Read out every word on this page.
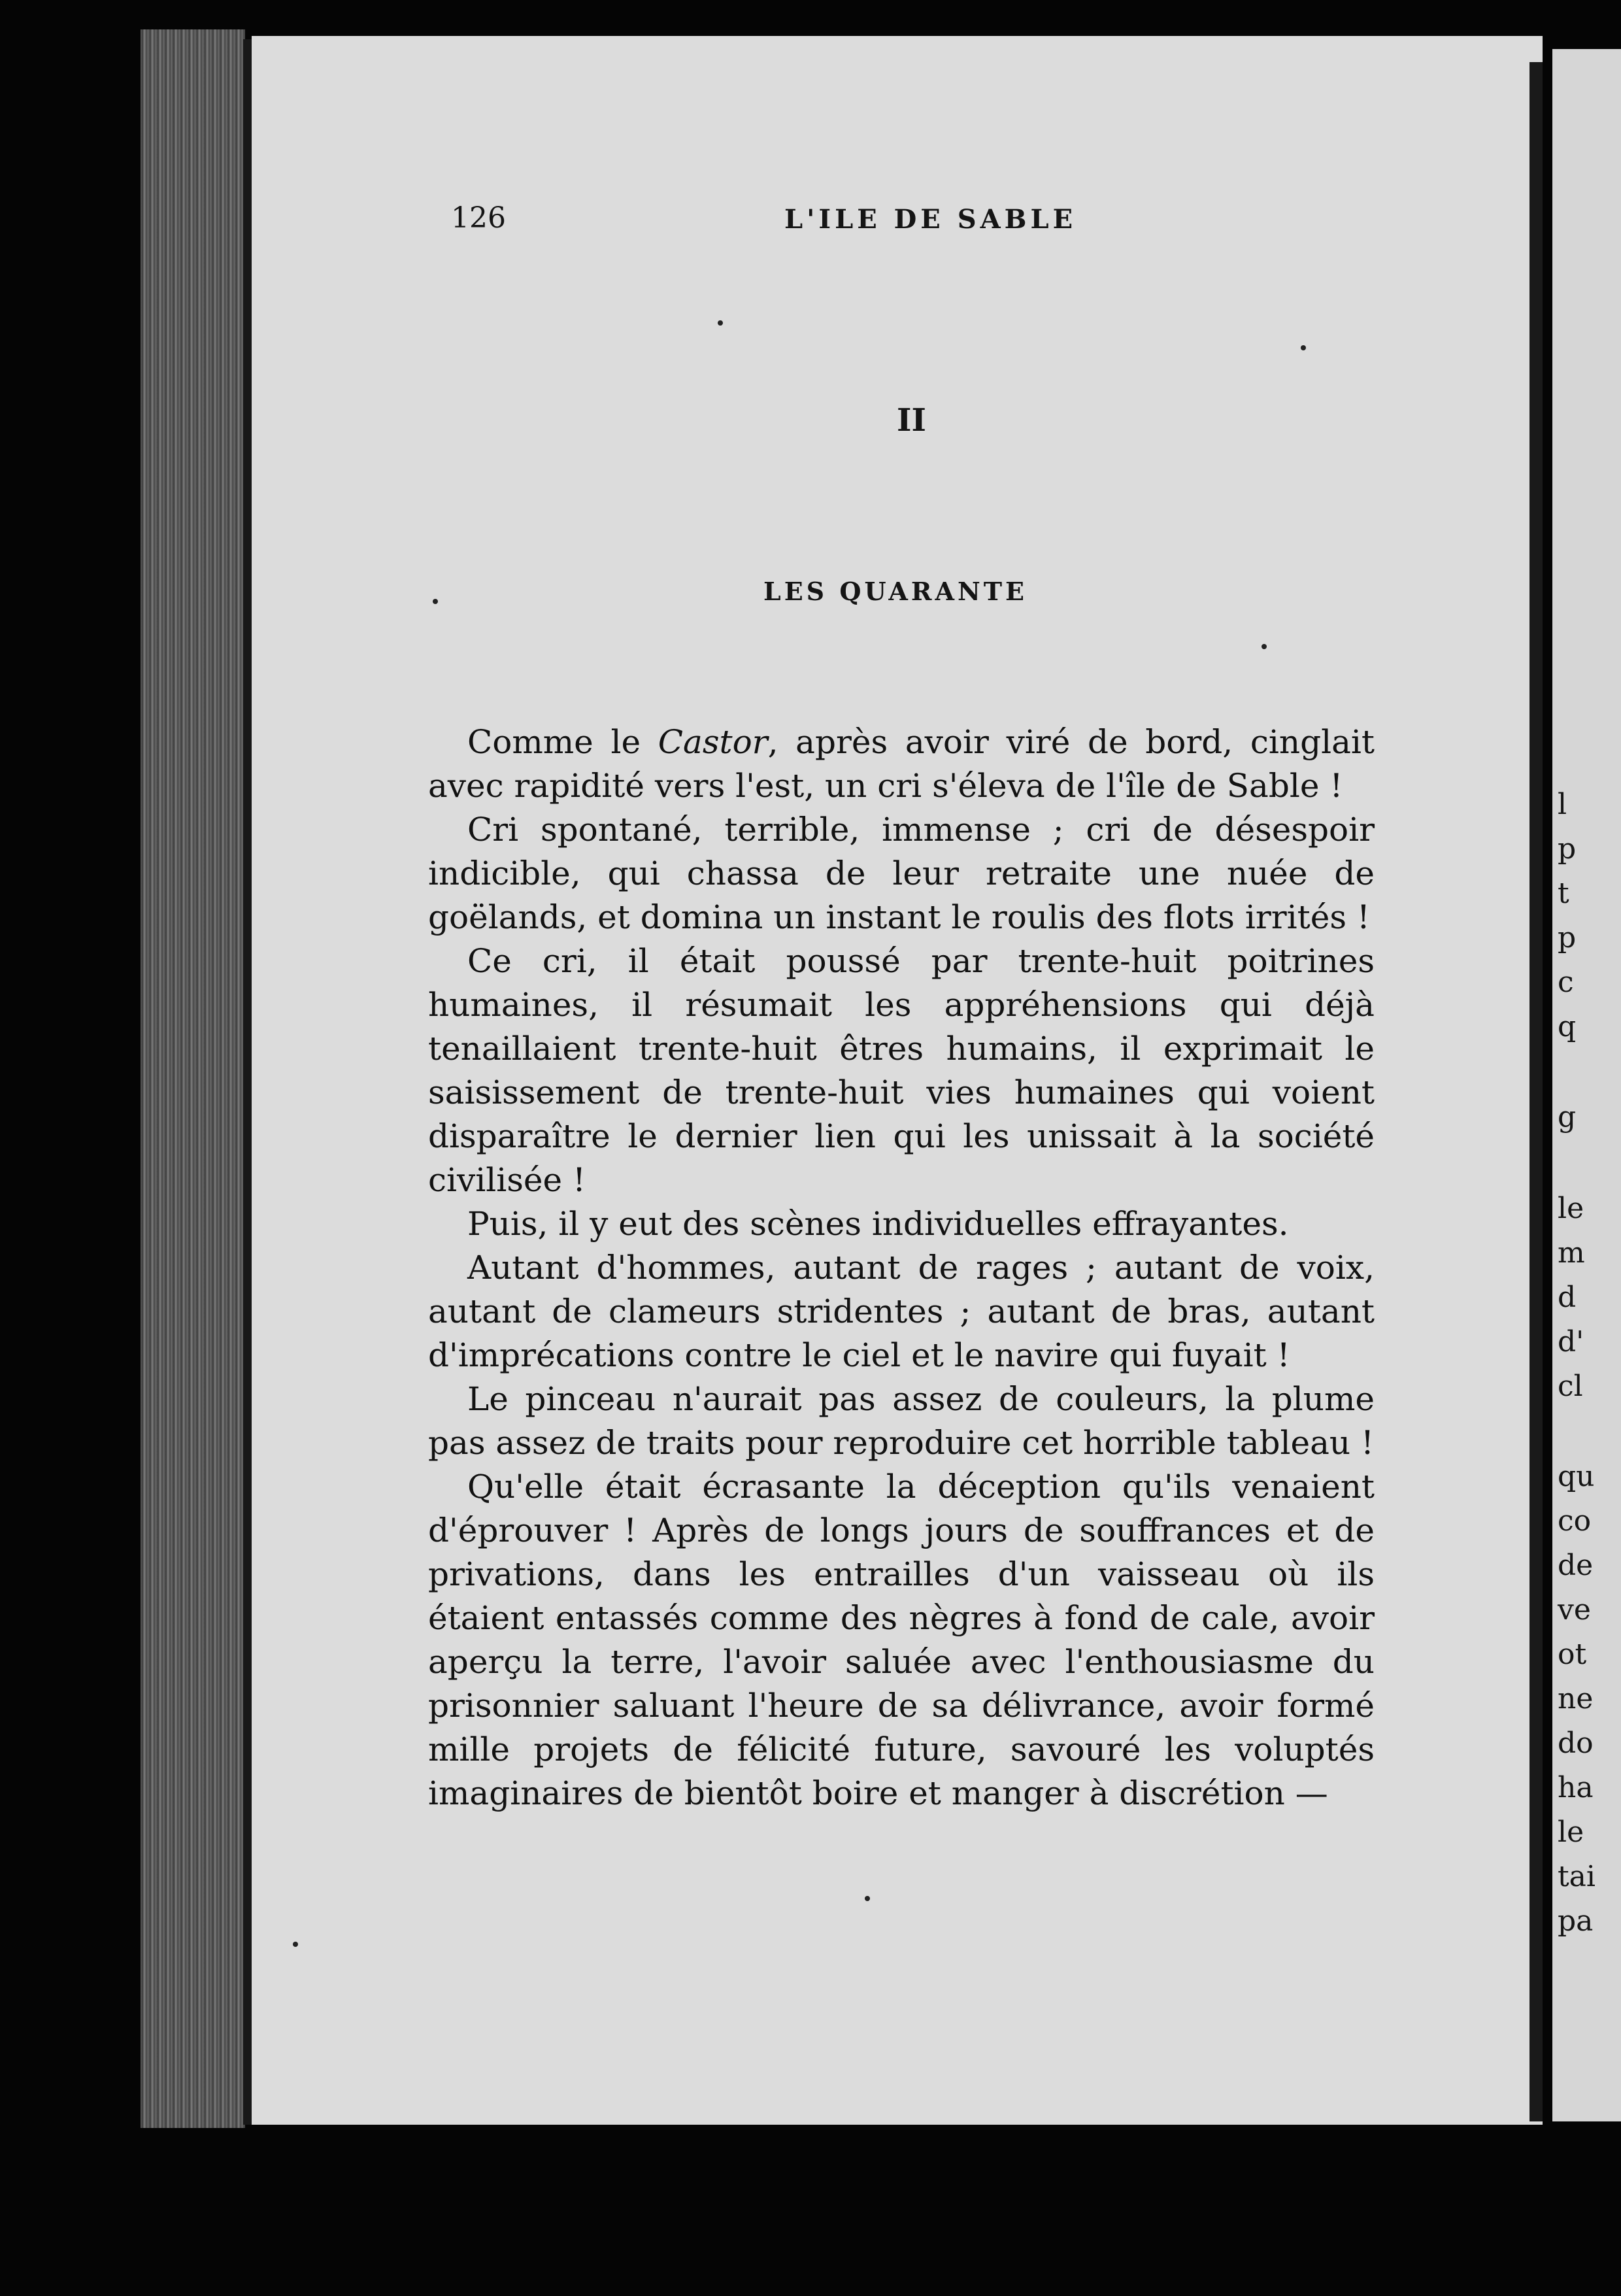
l
p
t
p
c
q
g
le
m
d
d'
cl
qu
co
de
ve
ot
ne
do
ha
le
tai
pa
126	L'ILE DE SABLE
II
LES QUARANTE

Comme le Castor, après avoir viré de bord, cinglait avec rapidité vers l'est, un cri s'éleva de l'île de Sable !

Cri spontané, terrible, immense ; cri de désespoir indicible, qui chassa de leur retraite une nuée de goëlands, et domina un instant le roulis des flots irrités !

Ce cri, il était poussé par trente-huit poitrines humaines, il résumait les appréhensions qui déjà tenaillaient trente-huit êtres humains, il exprimait le saisissement de trente-huit vies humaines qui voient disparaître le dernier lien qui les unissait à la société civilisée !

Puis, il y eut des scènes individuelles effrayantes.

Autant d'hommes, autant de rages ; autant de voix, autant de clameurs stridentes ; autant de bras, autant d'imprécations contre le ciel et le navire qui fuyait !

Le pinceau n'aurait pas assez de couleurs, la plume pas assez de traits pour reproduire cet horrible tableau !

Qu'elle était écrasante la déception qu'ils venaient d'éprouver ! Après de longs jours de souffrances et de privations, dans les entrailles d'un vaisseau où ils étaient entassés comme des nègres à fond de cale, avoir aperçu la terre, l'avoir saluée avec l'enthousiasme du prisonnier saluant l'heure de sa délivrance, avoir formé mille projets de félicité future, savouré les voluptés imaginaires de bientôt boire et manger à discrétion —
